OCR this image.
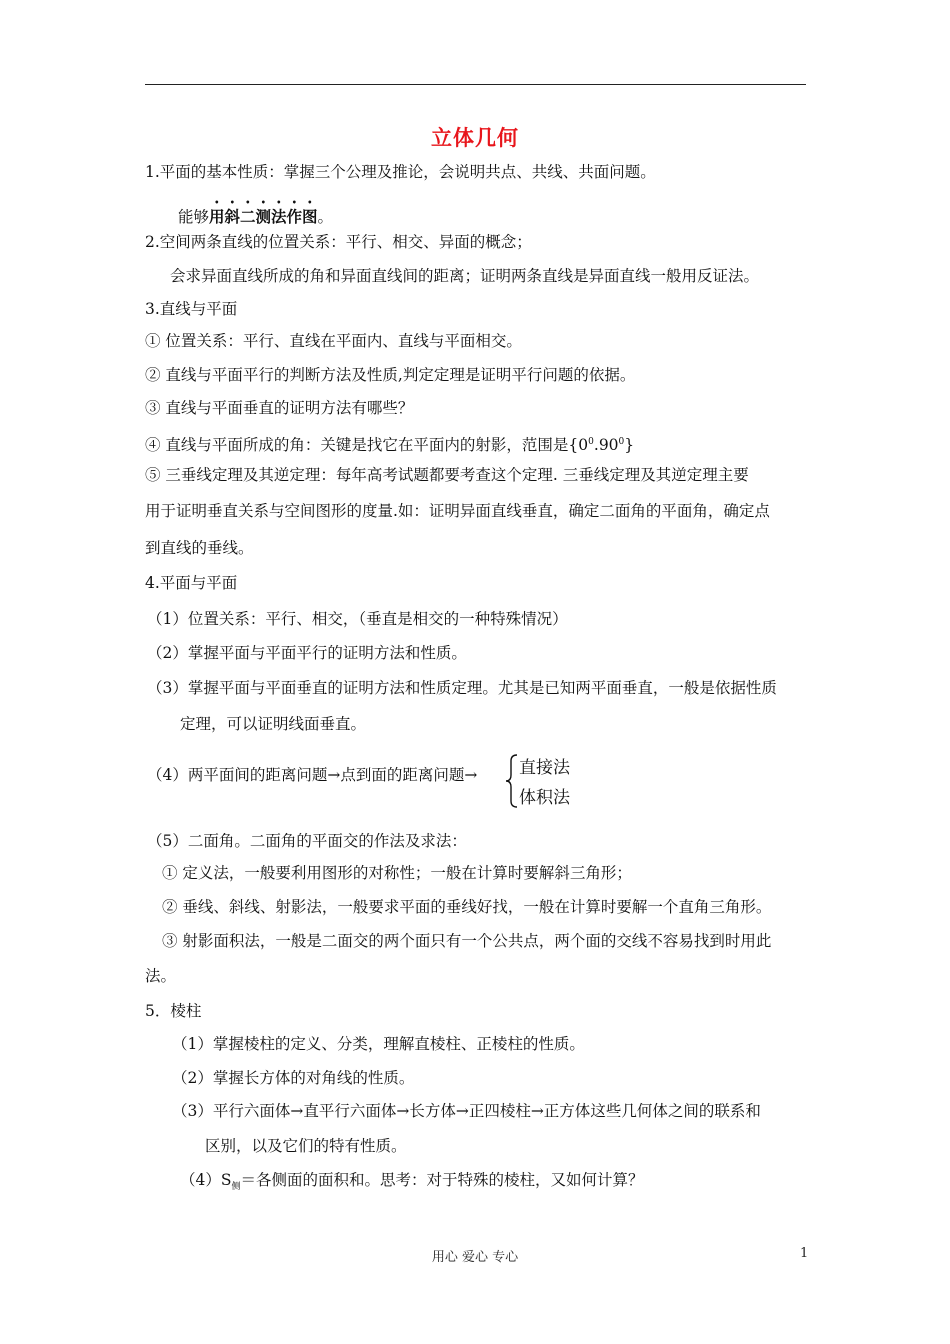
立体几何
1.平面的基本性质：掌握三个公理及推论，会说明共点、共线、共面问题。
能够用斜二测法作图。
2.空间两条直线的位置关系：平行、相交、异面的概念；
会求异面直线所成的角和异面直线间的距离；证明两条直线是异面直线一般用反证法。
3.直线与平面
① 位置关系：平行、直线在平面内、直线与平面相交。
② 直线与平面平行的判断方法及性质,判定定理是证明平行问题的依据。
③ 直线与平面垂直的证明方法有哪些？
④ 直线与平面所成的角：关键是找它在平面内的射影，范围是$\{0^0.90^0\}$
⑤ 三垂线定理及其逆定理：每年高考试题都要考查这个定理. 三垂线定理及其逆定理主要
用于证明垂直关系与空间图形的度量.如：证明异面直线垂直，确定二面角的平面角，确定点
到直线的垂线。
4.平面与平面
（1）位置关系：平行、相交，（垂直是相交的一种特殊情况）
（2）掌握平面与平面平行的证明方法和性质。
（3）掌握平面与平面垂直的证明方法和性质定理。尤其是已知两平面垂直，一般是依据性质
定理，可以证明线面垂直。
（4）两平面间的距离问题→点到面的距离问题→ 直接法
体积法
（5）二面角。二面角的平面交的作法及求法：
① 定义法，一般要利用图形的对称性；一般在计算时要解斜三角形；
② 垂线、斜线、射影法，一般要求平面的垂线好找，一般在计算时要解一个直角三角形。
③ 射影面积法，一般是二面交的两个面只有一个公共点，两个面的交线不容易找到时用此
法。
5．棱柱
（1）掌握棱柱的定义、分类，理解直棱柱、正棱柱的性质。
（2）掌握长方体的对角线的性质。
（3）平行六面体→直平行六面体→长方体→正四棱柱→正方体这些几何体之间的联系和
区别，以及它们的特有性质。
$(4)S_侧=$各侧面的面积和。思考：对于特殊的棱柱，又如何计算？
用心 爱心 专心	1
